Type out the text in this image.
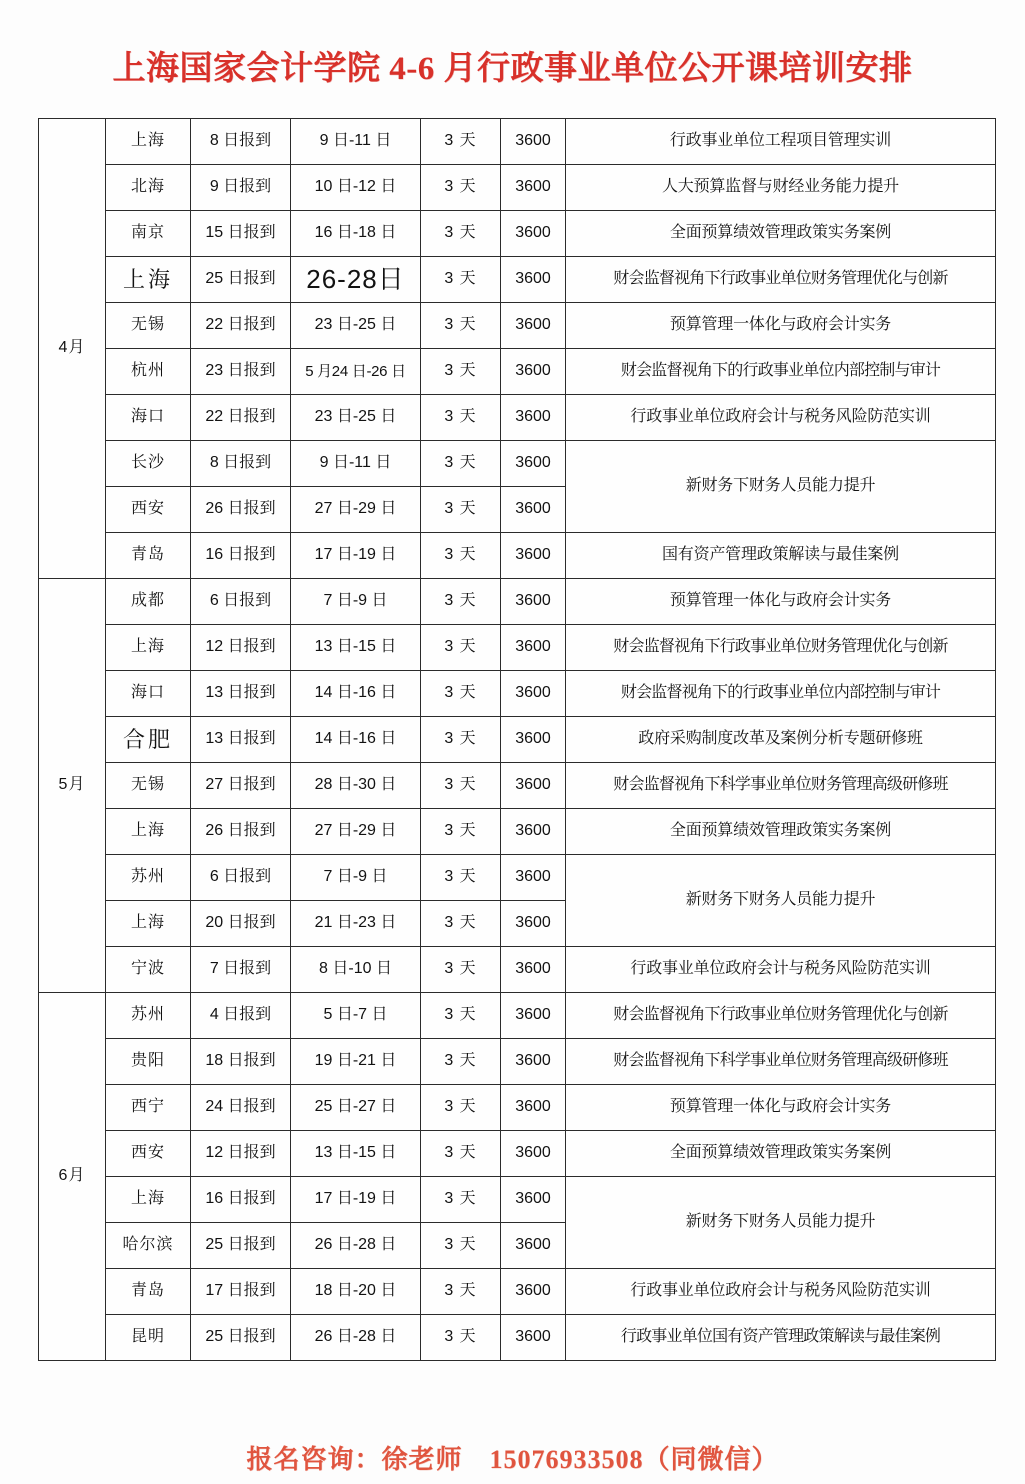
上海国家会计学院 4-6 月行政事业单位公开课培训安排
4月	上海	8 日报到	9 日-11 日	3 天	3600	行政事业单位工程项目管理实训
	北海	9 日报到	10 日-12 日	3 天	3600	人大预算监督与财经业务能力提升
	南京	15 日报到	16 日-18 日	3 天	3600	全面预算绩效管理政策实务案例
	上海	25 日报到	26-28日	3 天	3600	财会监督视角下行政事业单位财务管理优化与创新
	无锡	22 日报到	23 日-25 日	3 天	3600	预算管理一体化与政府会计实务
	杭州	23 日报到	5 月24 日-26 日	3 天	3600	财会监督视角下的行政事业单位内部控制与审计
	海口	22 日报到	23 日-25 日	3 天	3600	行政事业单位政府会计与税务风险防范实训
	长沙	8 日报到	9 日-11 日	3 天	3600	新财务下财务人员能力提升
	西安	26 日报到	27 日-29 日	3 天	3600	
	青岛	16 日报到	17 日-19 日	3 天	3600	国有资产管理政策解读与最佳案例
5月	成都	6 日报到	7 日-9 日	3 天	3600	预算管理一体化与政府会计实务
	上海	12 日报到	13 日-15 日	3 天	3600	财会监督视角下行政事业单位财务管理优化与创新
	海口	13 日报到	14 日-16 日	3 天	3600	财会监督视角下的行政事业单位内部控制与审计
	合肥	13 日报到	14 日-16 日	3 天	3600	政府采购制度改革及案例分析专题研修班
	无锡	27 日报到	28 日-30 日	3 天	3600	财会监督视角下科学事业单位财务管理高级研修班
	上海	26 日报到	27 日-29 日	3 天	3600	全面预算绩效管理政策实务案例
	苏州	6 日报到	7 日-9 日	3 天	3600	新财务下财务人员能力提升
	上海	20 日报到	21 日-23 日	3 天	3600	
	宁波	7 日报到	8 日-10 日	3 天	3600	行政事业单位政府会计与税务风险防范实训
6月	苏州	4 日报到	5 日-7 日	3 天	3600	财会监督视角下行政事业单位财务管理优化与创新
	贵阳	18 日报到	19 日-21 日	3 天	3600	财会监督视角下科学事业单位财务管理高级研修班
	西宁	24 日报到	25 日-27 日	3 天	3600	预算管理一体化与政府会计实务
	西安	12 日报到	13 日-15 日	3 天	3600	全面预算绩效管理政策实务案例
	上海	16 日报到	17 日-19 日	3 天	3600	新财务下财务人员能力提升
	哈尔滨	25 日报到	26 日-28 日	3 天	3600	
	青岛	17 日报到	18 日-20 日	3 天	3600	行政事业单位政府会计与税务风险防范实训
	昆明	25 日报到	26 日-28 日	3 天	3600	行政事业单位国有资产管理政策解读与最佳案例
报名咨询：徐老师　15076933508（同微信）
